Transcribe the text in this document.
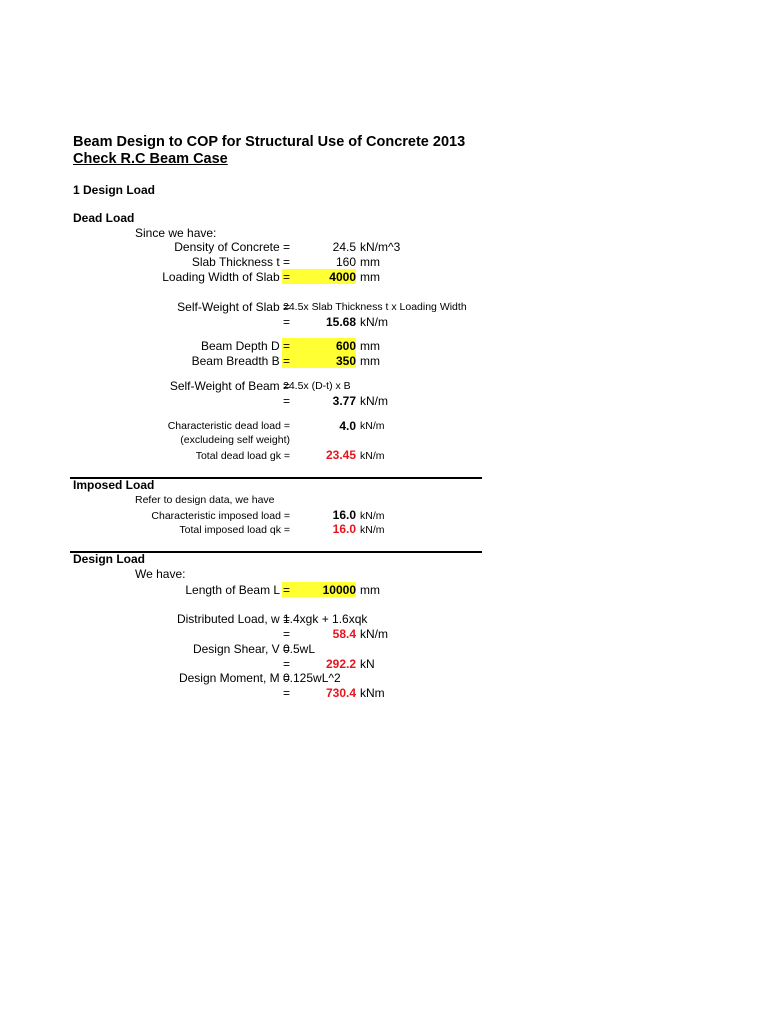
Beam Design to COP for Structural Use of Concrete 2013
Check R.C Beam Case
1 Design Load
Dead Load
Since we have:
Density of Concrete =	24.5 kN/m^3
Slab Thickness t =	160 mm
Loading Width of Slab =	4000 mm
Self-Weight of Slab =
24.5x Slab Thickness t x Loading Width
=	15.68 kN/m
Beam Depth D =	600 mm
Beam Breadth B =	350 mm
Self-Weight of Beam =
24.5x (D-t) x B
=	3.77 kN/m
Characteristic dead load =	4.0 kN/m
(excludeing self weight)
Total dead load gk =	23.45 kN/m
Imposed Load
Refer to design data, we have
Characteristic imposed load =	16.0 kN/m
Total imposed load qk =	16.0 kN/m
Design Load
We have:
Length of Beam L =	10000 mm
Distributed Load, w =
1.4xgk + 1.6xqk
=	58.4 kN/m
Design Shear, V =
0.5wL
=	292.2 kN
Design Moment, M =
0.125wL^2
=	730.4 kNm
